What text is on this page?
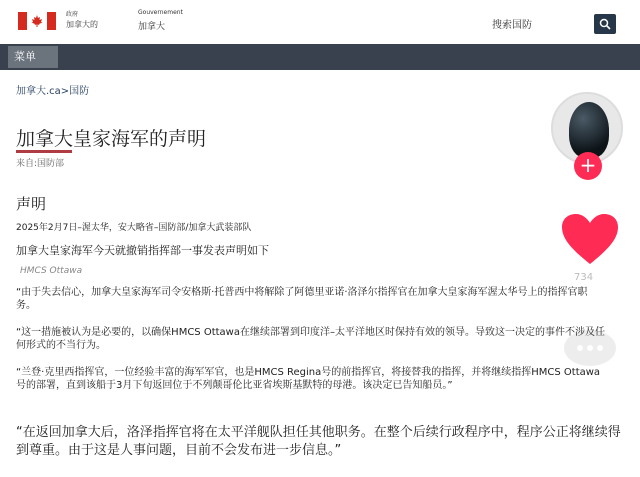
政府
加拿大的
Gouvernement
加拿大	搜索国防
菜单
加拿大.ca>国防
加拿大皇家海军的声明
来自:国防部	+
声明
2025年2月7日–渥太华，安大略省–国防部/加拿大武装部队
加拿大皇家海军今天就撤销指挥部一事发表声明如下
HMCS Ottawa
734
“由于失去信心，加拿大皇家海军司令安格斯·托普西中将解除了阿德里亚诺·洛泽尔指挥官在加拿大皇家海军渥太华号上的指挥官职务。
“这一措施被认为是必要的，以确保HMCS Ottawa在继续部署到印度洋–太平洋地区时保持有效的领导。导致这一决定的事件不涉及任何形式的不当行为。
“兰登·克里西指挥官，一位经验丰富的海军军官，也是HMCS Regina号的前指挥官，将接替我的指挥，并将继续指挥HMCS Ottawa号的部署，直到该船于3月下旬返回位于不列颠哥伦比亚省埃斯基默特的母港。该决定已告知船员。”
“在返回加拿大后，洛泽指挥官将在太平洋舰队担任其他职务。在整个后续行政程序中，程序公正将继续得到尊重。由于这是人事问题，目前不会发布进一步信息。”
